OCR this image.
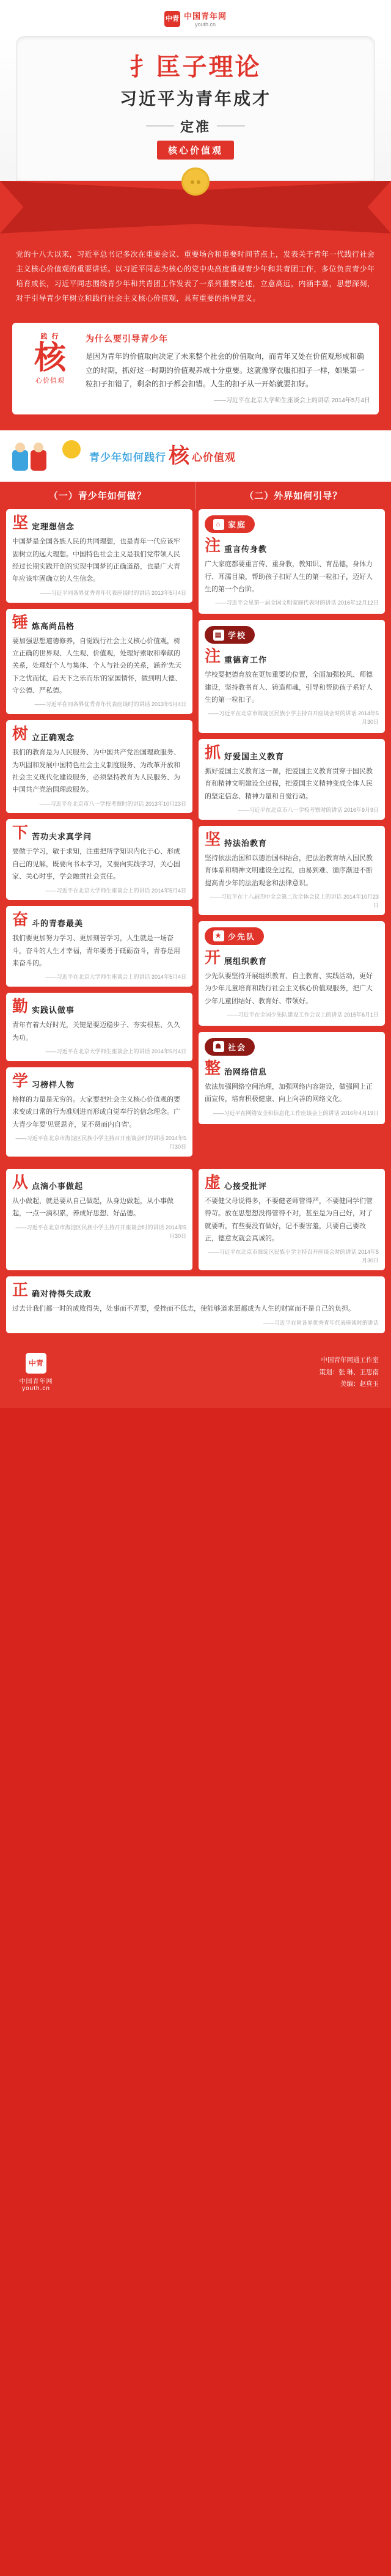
中青 中国青年网
youth.cn
扌匡子理论
习近平为青年成才
定准
核心价值观

党的十八大以来，习近平总书记多次在重要会议、重要场合和重要时间节点上，发表关于青年一代践行社会主义核心价值观的重要讲话。以习近平同志为核心的党中央高度重视青少年和共青团工作，多位负责青少年培育成长，习近平同志围绕青少年和共青团工作发表了一系列重要论述，立意高远，内涵丰富，思想深刻，对于引导青少年树立和践行社会主义核心价值观，具有重要的指导意义。

践 行
核
心价值观
为什么要引导青少年
是因为青年的价值取向决定了未来整个社会的价值取向，而青年又处在价值观形成和确立的时期，抓好这一时期的价值观养成十分重要。这就像穿衣服扣扣子一样，如果第一粒扣子扣错了，剩余的扣子都会扣错。人生的扣子从一开始就要扣好。
——习近平在北京大学师生座谈会上的讲话 2014年5月4日
青少年如何践行 核 心价值观
（一）青少年如何做？	（二）外界如何引导？
坚 定理想信念
中国梦是全国各族人民的共同理想，也是青年一代应该牢固树立的远大理想。中国特色社会主义是我们党带领人民经过长期实践开创的实现中国梦的正确道路，也是广大青年应该牢固确立的人生信念。
——习近平同各界优秀青年代表座谈时的讲话 2013年5月4日
锤 炼高尚品格
要加强思想道德修养，自觉践行社会主义核心价值观，树立正确的世界观、人生观、价值观，处理好索取和奉献的关系，处理好个人与集体、个人与社会的关系，涵养'先天下之忧而忧，后天下之乐而乐'的家国情怀，做到明大德、守公德、严私德。
——习近平在同各界优秀青年代表座谈时的讲话 2013年5月4日
树 立正确观念
我们的教育是为人民服务、为中国共产党治国理政服务、为巩固和发展中国特色社会主义制度服务、为改革开放和社会主义现代化建设服务，必须坚持教育为人民服务、为中国共产党治国理政服务。
——习近平在北京市八一学校考察时的讲话 2013年10月23日
下 苦功夫求真学问
要做于学习，敏于求知，注重把所学知识内化于心、形成自己的见解，既要向书本学习，又要向实践学习，关心国家、关心时事，学会融贯社会责任。
——习近平在北京大学师生座谈会上的讲话 2014年5月4日
奋 斗的青春最美
我们要更加努力学习、更加刻苦学习，人生就是一场奋斗，奋斗的人生才幸福，青年要勇于砥砺奋斗，青春是用来奋斗的。
——习近平在北京大学师生座谈会上的讲话 2014年5月4日
勤 实践认做事
青年有着大好时光，关键是要迈稳步子、夯实根基、久久为功。
——习近平在北京大学师生座谈会上的讲话 2014年5月4日
学 习榜样人物
榜样的力量是无穷的。大家要把社会主义核心价值观的要求变成日常的行为准则进而形成自觉奉行的信念理念。广大青少年要'见贤思齐，见不贤而内自省'。
——习近平在北京市海淀区民族小学主持召开座谈会时的讲话 2014年5月30日
⌂ 家庭
注 重言传身教
广大家庭都要重言传、重身教，教知识、育品德，身体力行、耳濡目染，帮助孩子扣好人生的第一粒扣子，迈好人生的第一个台阶。
——习近平会见第一届全国文明家庭代表时的讲话 2016年12月12日
▤ 学校
注 重德育工作
学校要把德育放在更加重要的位置，全面加强校风、师德建设，坚持教书育人、铸造师魂，引导和帮助孩子系好人生的第一粒扣子。
——习近平在北京市海淀区民族小学主持召开座谈会时的讲话 2014年5月30日
抓 好爱国主义教育
抓好爱国主义教育这一课，把爱国主义教育贯穿于国民教育和精神文明建设全过程，把爱国主义精神变成全体人民的坚定信念、精神力量和自觉行动。
——习近平在北京市八一学校考察时的讲话 2016年9月9日
坚 持法治教育
坚持依法治国和以德治国相结合，把法治教育纳入国民教育体系和精神文明建设全过程，由易到难、循序渐进不断提高青少年的法治观念和法律意识。
——习近平在十八届四中全会第二次全体会议上的讲话 2014年10月23日
★ 少先队
开 展组织教育
少先队要坚持开展组织教育、自主教育、实践活动，更好为少年儿童培育和践行社会主义核心价值观服务，把广大少年儿童团结好、教育好、带领好。
——习近平在全国少先队建设工作会议上的讲话 2015年6月1日
☗ 社会
整 治网络信息
依法加强网络空间治理，加强网络内容建设，做强网上正面宣传，培育积极健康、向上向善的网络文化。
——习近平在网络安全和信息化工作座谈会上的讲话 2016年4月19日
从 点滴小事做起
从小做起，就是要从自己做起，从身边做起，从小事做起，一点一滴积累，养成好思想、好品德。
——习近平在北京市海淀区民族小学主持召开座谈会时的讲话 2014年5月30日
虚 心接受批评
不要健父母说得多，不要健老师管得严，不要健同学们管得苛。放在思想想没得管得不对，甚至是为自己好，对了就要听，有些要没有做好，记不要害羞，只要自己要改正，德意友就会真诚的。
——习近平在北京市海淀区民族小学主持召开座谈会时的讲话 2014年5月30日
正 确对待得失成败
过去计我们都一时的成败得失，处事而不弄要，受挫而不低志，使能够道求愿都成为人生的财富而不是自己的负担。
——习近平在同各界优秀青年代表座谈时的讲话
中青
中国青年网
youth.cn
中国青年网通工作室
策划：张 琳、王思南
美编：赵真玉
